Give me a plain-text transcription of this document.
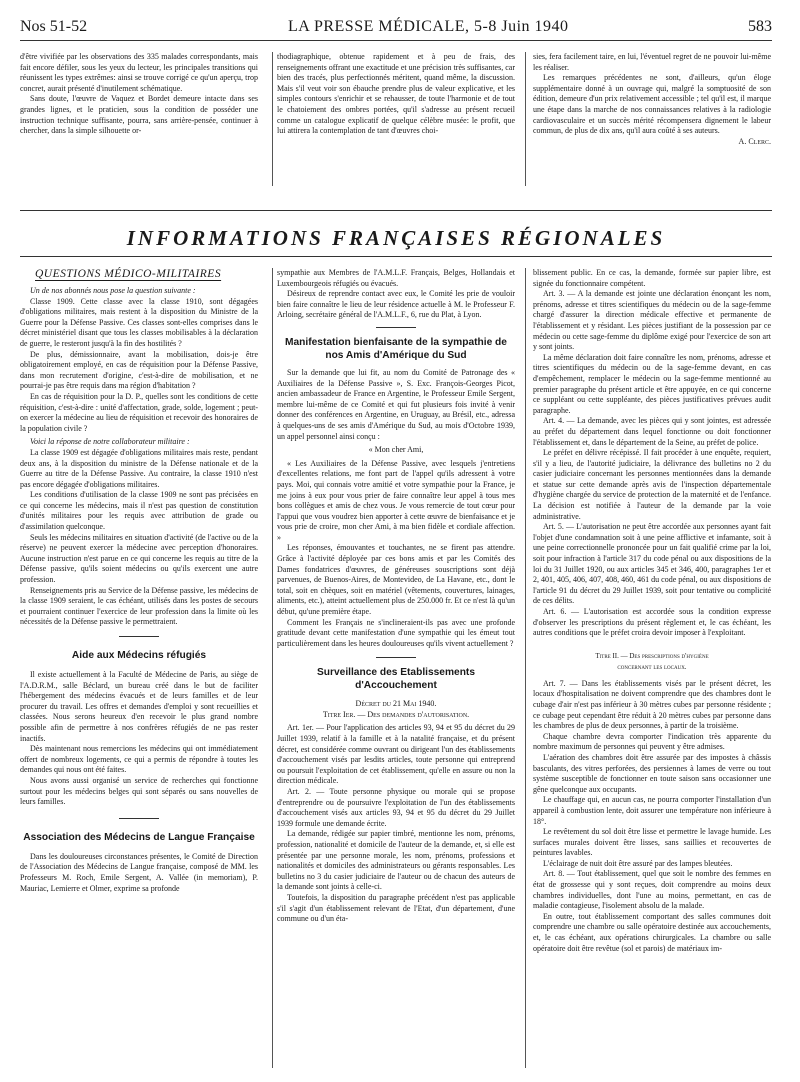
Nos 51-52	LA PRESSE MÉDICALE, 5-8 Juin 1940	583

d'être vivifiée par les observations des 335 malades correspondants, mais fait encore défiler, sous les yeux du lecteur, les principales transitions qui réunissent les types extrêmes: ainsi se trouve corrigé ce qu'un aperçu, trop concret, aurait présenté d'inutilement schématique.

Sans doute, l'œuvre de Vaquez et Bordet demeure intacte dans ses grandes lignes, et le praticien, sous la condition de posséder une instruction technique suffisante, pourra, sans arrière-pensée, continuer à chercher, dans la simple silhouette or-

thodiagraphique, obtenue rapidement et à peu de frais, des renseignements offrant une exactitude et une précision très suffisantes, car bien des tracés, plus perfectionnés méritent, quand même, la discussion. Mais s'il veut voir son ébauche prendre plus de valeur explicative, et les simples contours s'enrichir et se rehausser, de toute l'harmonie et de tout le chatoiement des ombres portées, qu'il s'adresse au présent recueil comme un catalogue explicatif de quelque célèbre musée: le profit, que lui attirera la contemplation de tant d'œuvres choi-

sies, fera facilement taire, en lui, l'éventuel regret de ne pouvoir lui-même les réaliser.

Les remarques précédentes ne sont, d'ailleurs, qu'un éloge supplémentaire donné à un ouvrage qui, malgré la somptuosité de son édition, demeure d'un prix relativement accessible ; tel qu'il est, il marque une étape dans la marche de nos connaissances relatives à la radiologie cardiovasculaire et un succès mérité récompensera dignement le labeur commun, de plus de dix ans, qu'il aura coûté à ses auteurs.

A. Clerc.

INFORMATIONS FRANÇAISES RÉGIONALES

QUESTIONS MÉDICO-MILITAIRES

Un de nos abonnés nous pose la question suivante :

Classe 1909. Cette classe avec la classe 1910, sont dégagées d'obligations militaires, mais restent à la disposition du Ministre de la Guerre pour la Défense Passive. Ces classes sont-elles comprises dans le décret ministériel disant que tous les classes mobilisables à la déclaration de guerre, le resteront jusqu'à la fin des hostilités ?

De plus, démissionnaire, avant la mobilisation, dois-je être obligatoirement employé, en cas de réquisition pour la Défense Passive, dans mon recrutement d'origine, c'est-à-dire de mobilisation, et ne pourrai-je pas être requis dans ma région d'habitation ?

En cas de réquisition pour la D. P., quelles sont les conditions de cette réquisition, c'est-à-dire : unité d'affectation, grade, solde, logement ; peut-on exercer la médecine au lieu de réquisition et recevoir des honoraires de la population civile ?

Voici la réponse de notre collaborateur militaire :

La classe 1909 est dégagée d'obligations militaires mais reste, pendant deux ans, à la disposition du ministre de la Défense nationale et de la Guerre au titre de la Défense Passive. Au contraire, la classe 1910 n'est pas encore dégagée d'obligations militaires.

Les conditions d'utilisation de la classe 1909 ne sont pas précisées en ce qui concerne les médecins, mais il n'est pas question de constitution d'unités militaires pour les requis avec attribution de grade ou d'assimilation quelconque.

Seuls les médecins militaires en situation d'activité (de l'active ou de la réserve) ne peuvent exercer la médecine avec perception d'honoraires. Aucune instruction n'est parue en ce qui concerne les requis au titre de la Défense passive, qu'ils soient médecins ou qu'ils exercent une autre profession.

Renseignements pris au Service de la Défense passive, les médecins de la classe 1909 seraient, le cas échéant, utilisés dans les postes de secours et pourraient continuer l'exercice de leur profession dans la limite où les nécessités de la Défense passive le permettraient.

Aide aux Médecins réfugiés

Il existe actuellement à la Faculté de Médecine de Paris, au siège de l'A.D.R.M., salle Béclard, un bureau créé dans le but de faciliter l'hébergement des médecins évacués et de leurs familles et de leur procurer du travail. Les offres et demandes d'emploi y sont recueillies et classées. Nous serons heureux d'en recevoir le plus grand nombre possible afin de permettre à nos confrères réfugiés de ne pas rester inactifs.

Dès maintenant nous remercions les médecins qui ont immédiatement offert de nombreux logements, ce qui a permis de répondre à toutes les demandes qui nous ont été faites.

Nous avons aussi organisé un service de recherches qui fonctionne surtout pour les médecins belges qui sont séparés ou sans nouvelles de leurs familles.

Association des Médecins de Langue Française

Dans les douloureuses circonstances présentes, le Comité de Direction de l'Association des Médecins de Langue française, composé de MM. les Professeurs M. Roch, Emile Sergent, A. Vallée (in memoriam), P. Mauriac, Lemierre et Olmer, exprime sa profonde

sympathie aux Membres de l'A.M.L.F. Français, Belges, Hollandais et Luxembourgeois réfugiés ou évacués.

Désireux de reprendre contact avec eux, le Comité les prie de vouloir bien faire connaître le lieu de leur résidence actuelle à M. le Professeur F. Arloing, secrétaire général de l'A.M.L.F., 6, rue du Plat, à Lyon.

Manifestation bienfaisante de la sympathie de nos Amis d'Amérique du Sud

Sur la demande que lui fit, au nom du Comité de Patronage des « Auxiliaires de la Défense Passive », S. Exc. François-Georges Picot, ancien ambassadeur de France en Argentine, le Professeur Emile Sergent, membre lui-même de ce Comité et qui fut plusieurs fois invité à venir donner des conférences en Argentine, en Uruguay, au Brésil, etc., adressa à quelques-uns de ses amis d'Amérique du Sud, au mois d'Octobre 1939, un appel personnel ainsi conçu :

« Mon cher Ami,

« Les Auxiliaires de la Défense Passive, avec lesquels j'entretiens d'excellentes relations, me font part de l'appel qu'ils adressent à votre pays. Moi, qui connais votre amitié et votre sympathie pour la France, je me joins à eux pour vous prier de faire connaître leur appel à tous mes bons collègues et amis de chez vous. Je vous remercie de tout cœur pour l'appui que vous voudrez bien apporter à cette œuvre de bienfaisance et je vous prie de croire, mon cher Ami, à ma bien fidèle et cordiale affection. »

Les réponses, émouvantes et touchantes, ne se firent pas attendre. Grâce à l'activité déployée par ces bons amis et par les Comités des Dames fondatrices d'œuvres, de généreuses souscriptions sont déjà parvenues, de Buenos-Aires, de Montevideo, de La Havane, etc., dont le total, soit en chèques, soit en matériel (vêtements, couvertures, lainages, aliments, etc.), atteint actuellement plus de 250.000 fr. Et ce n'est là qu'un début, qu'une première étape.

Comment les Français ne s'inclineraient-ils pas avec une profonde gratitude devant cette manifestation d'une sympathie qui les émeut tout particulièrement dans les heures douloureuses qu'ils vivent actuellement ?

Surveillance des Etablissements d'Accouchement

Décret du 21 Mai 1940.

Titre Ier. — Des demandes d'autorisation.

Art. 1er. — Pour l'application des articles 93, 94 et 95 du décret du 29 Juillet 1939, relatif à la famille et à la natalité française, et du présent décret, est considérée comme ouvrant ou dirigeant l'un des établissements d'accouchement visés par lesdits articles, toute personne qui entreprend ou poursuit l'exploitation de cet établissement, qu'elle en assure ou non la direction médicale.

Art. 2. — Toute personne physique ou morale qui se propose d'entreprendre ou de poursuivre l'exploitation de l'un des établissements d'accouchement visés aux articles 93, 94 et 95 du décret du 29 Juillet 1939 formule une demande écrite.

La demande, rédigée sur papier timbré, mentionne les nom, prénoms, profession, nationalité et domicile de l'auteur de la demande, et, si elle est présentée par une personne morale, les nom, prénoms, professions et nationalités et domiciles des administrateurs ou gérants responsables. Les bulletins no 3 du casier judiciaire de l'auteur ou de chacun des auteurs de la demande sont joints à celle-ci.

Toutefois, la disposition du paragraphe précédent n'est pas applicable s'il s'agit d'un établissement relevant de l'Etat, d'un département, d'une commune ou d'un éta-

blissement public. En ce cas, la demande, formée sur papier libre, est signée du fonctionnaire compétent.

Art. 3. — A la demande est jointe une déclaration énonçant les nom, prénoms, adresse et titres scientifiques du médecin ou de la sage-femme chargé d'assurer la direction médicale effective et permanente de l'établissement et y résidant. Les pièces justifiant de la possession par ce médecin ou cette sage-femme du diplôme exigé pour l'exercice de son art y sont joints.

La même déclaration doit faire connaître les nom, prénoms, adresse et titres scientifiques du médecin ou de la sage-femme devant, en cas d'empêchement, remplacer le médecin ou la sage-femme mentionné au premier paragraphe du présent article et être appuyée, en ce qui concerne ce suppléant ou cette suppléante, des pièces justificatives prévues audit paragraphe.

Art. 4. — La demande, avec les pièces qui y sont jointes, est adressée au préfet du département dans lequel fonctionne ou doit fonctionner l'établissement et, dans le département de la Seine, au préfet de police.

Le préfet en délivre récépissé. Il fait procéder à une enquête, requiert, s'il y a lieu, de l'autorité judiciaire, la délivrance des bulletins no 2 du casier judiciaire concernant les personnes mentionnées dans la demande et statue sur cette demande après avis de l'inspection départementale d'hygiène chargée du service de protection de la maternité et de l'enfance. La décision est notifiée à l'auteur de la demande par la voie administrative.

Art. 5. — L'autorisation ne peut être accordée aux personnes ayant fait l'objet d'une condamnation soit à une peine afflictive et infamante, soit à une peine correctionnelle prononcée pour un fait qualifié crime par la loi, soit pour infraction à l'article 317 du code pénal ou aux dispositions de la loi du 31 Juillet 1920, ou aux articles 345 et 346, 400, paragraphes 1er et 2, 401, 405, 406, 407, 408, 460, 461 du code pénal, ou aux dispositions de l'article 91 du décret du 29 Juillet 1939, soit pour tentative ou complicité de ces délits.

Art. 6. — L'autorisation est accordée sous la condition expresse d'observer les prescriptions du présent règlement et, le cas échéant, les autres conditions que le préfet croira devoir imposer à l'exploitant.

Titre II. — Des prescriptions d'hygiène

concernant les locaux.

Art. 7. — Dans les établissements visés par le présent décret, les locaux d'hospitalisation ne doivent comprendre que des chambres dont le cubage d'air n'est pas inférieur à 30 mètres cubes par personne résidente ; ce cubage peut cependant être réduit à 20 mètres cubes par personne dans les chambres de plus de deux personnes, à partir de la troisième.

Chaque chambre devra comporter l'indication très apparente du nombre maximum de personnes qui peuvent y être admises.

L'aération des chambres doit être assurée par des impostes à châssis basculants, des vitres perforées, des persiennes à lames de verre ou tout système susceptible de fonctionner en toute saison sans occasionner une gêne quelconque aux occupants.

Le chauffage qui, en aucun cas, ne pourra comporter l'installation d'un appareil à combustion lente, doit assurer une température non inférieure à 18°.

Le revêtement du sol doit être lisse et permettre le lavage humide. Les surfaces murales doivent être lisses, sans saillies et recouvertes de peintures lavables.

L'éclairage de nuit doit être assuré par des lampes bleutées.

Art. 8. — Tout établissement, quel que soit le nombre des femmes en état de grossesse qui y sont reçues, doit comprendre au moins deux chambres individuelles, dont l'une au moins, permettant, en cas de maladie contagieuse, l'isolement absolu de la malade.

En outre, tout établissement comportant des salles communes doit comprendre une chambre ou salle opératoire destinée aux accouchements, et, le cas échéant, aux opérations chirurgicales. La chambre ou salle opératoire doit être revêtue (sol et parois) de matériaux im-
